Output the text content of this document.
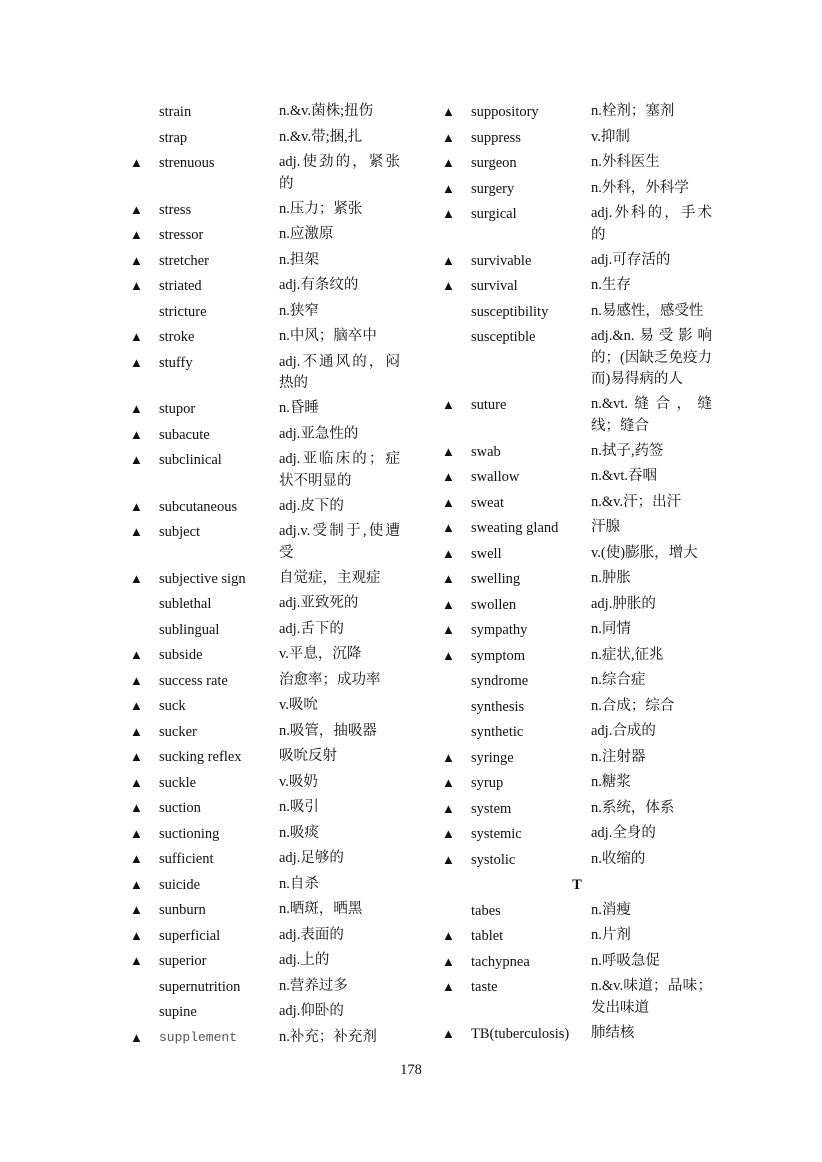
strain	n.&v.菌株;扭伤
strap	n.&v.带;捆,扎
▲	strenuous	adj.使劲的，紧张的
▲	stress	n.压力；紧张
▲	stressor	n.应激原
▲	stretcher	n.担架
▲	striated	adj.有条纹的
stricture	n.狭窄
▲	stroke	n.中风；脑卒中
▲	stuffy	adj.不通风的，闷热的
▲	stupor	n.昏睡
▲	subacute	adj.亚急性的
▲	subclinical	adj.亚临床的；症状不明显的
▲	subcutaneous	adj.皮下的
▲	subject	adj.v.受制于,使遭受
▲	subjective sign	自觉症，主观症
sublethal	adj.亚致死的
sublingual	adj.舌下的
▲	subside	v.平息，沉降
▲	success rate	治愈率；成功率
▲	suck	v.吸吮
▲	sucker	n.吸管，抽吸器
▲	sucking reflex	吸吮反射
▲	suckle	v.吸奶
▲	suction	n.吸引
▲	suctioning	n.吸痰
▲	sufficient	adj.足够的
▲	suicide	n.自杀
▲	sunburn	n.晒斑，晒黑
▲	superficial	adj.表面的
▲	superior	adj.上的
supernutrition	n.营养过多
supine	adj.仰卧的
▲	supplement	n.补充；补充剂
▲	suppository	n.栓剂；塞剂
▲	suppress	v.抑制
▲	surgeon	n.外科医生
▲	surgery	n.外科，外科学
▲	surgical	adj.外科的，手术的
▲	survivable	adj.可存活的
▲	survival	n.生存
susceptibility	n.易感性，感受性
susceptible	adj.&n.易受影响的；(因缺乏免疫力而)易得病的人
▲	suture	n.&vt.缝合，缝线；缝合
▲	swab	n.拭子,药签
▲	swallow	n.&vt.吞咽
▲	sweat	n.&v.汗；出汗
▲	sweating gland	汗腺
▲	swell	v.(使)膨胀，增大
▲	swelling	n.肿胀
▲	swollen	adj.肿胀的
▲	sympathy	n.同情
▲	symptom	n.症状,征兆
syndrome	n.综合症
synthesis	n.合成；综合
synthetic	adj.合成的
▲	syringe	n.注射器
▲	syrup	n.糖浆
▲	system	n.系统，体系
▲	systemic	adj.全身的
▲	systolic	n.收缩的
T
tabes	n.消瘦
▲	tablet	n.片剂
▲	tachypnea	n.呼吸急促
▲	taste	n.&v.味道；品味；发出味道
▲	TB(tuberculosis)	肺结核
178
